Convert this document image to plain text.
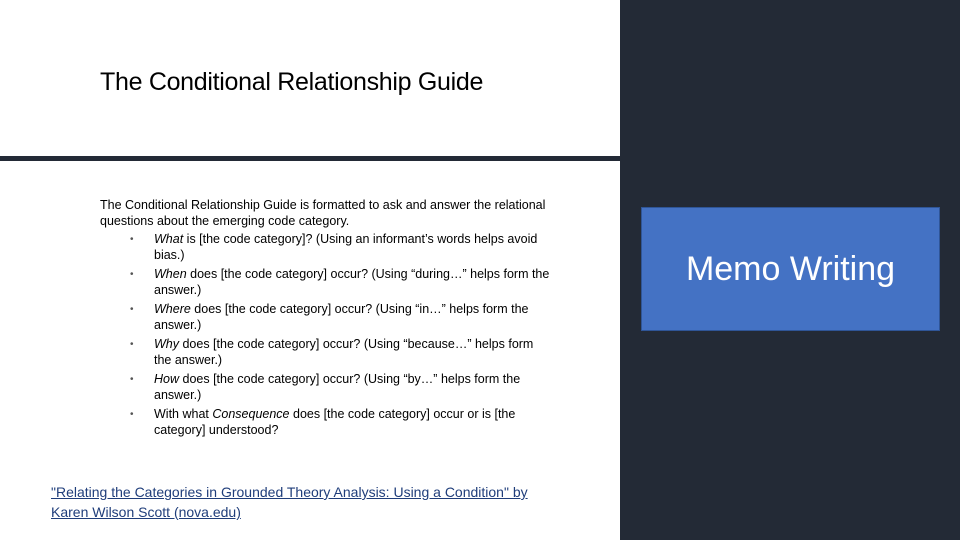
The Conditional Relationship Guide

The Conditional Relationship Guide is formatted to ask and answer the relational questions about the emerging code category.

• What is [the code category]? (Using an informant’s words helps avoid bias.)
• When does [the code category] occur? (Using “during…” helps form the answer.)
• Where does [the code category] occur? (Using “in…” helps form the answer.)
• Why does [the code category] occur? (Using “because…” helps form the answer.)
• How does [the code category] occur? (Using “by…” helps form the answer.)
• With what Consequence does [the code category] occur or is [the category] understood?
"Relating the Categories in Grounded Theory Analysis: Using a Condition" by Karen Wilson Scott (nova.edu)
Memo Writing
